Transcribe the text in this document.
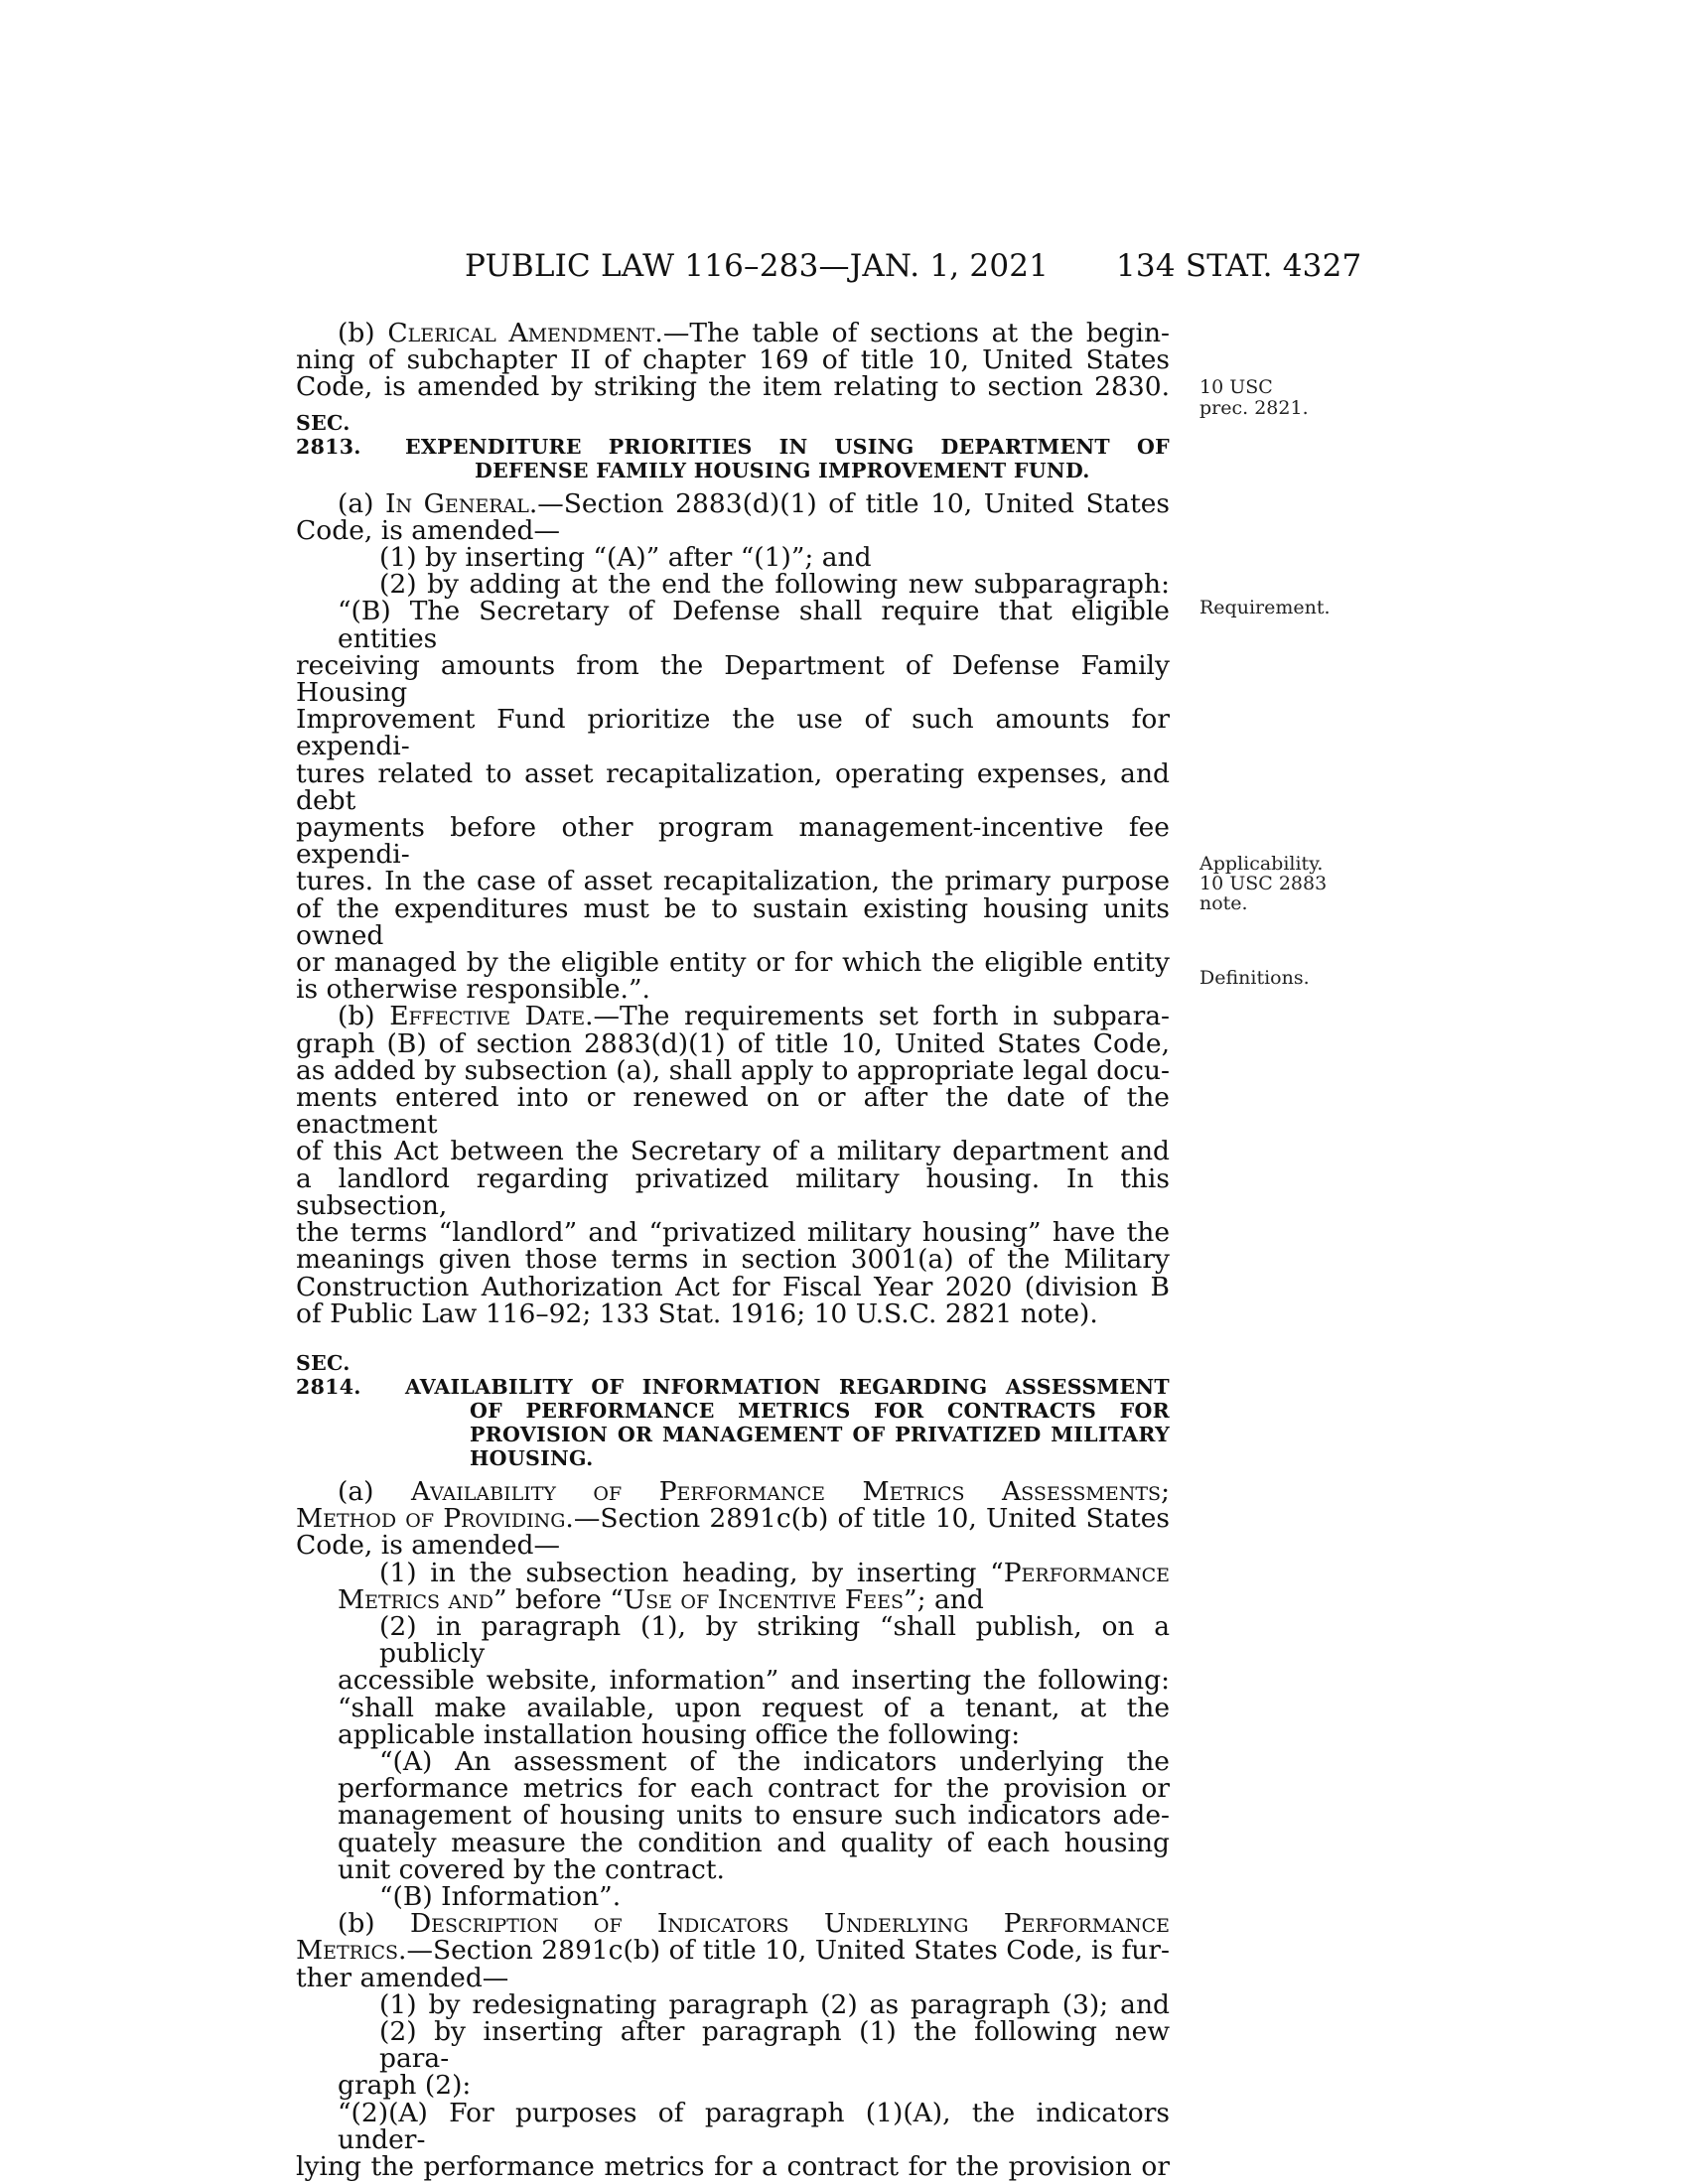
PUBLIC LAW 116–283—JAN. 1, 2021 134 STAT. 4327
10 USC
prec. 2821.
Requirement.
Applicability.
10 USC 2883
note.
Definitions.

(b) Clerical Amendment.—The table of sections at the begin-

ning of subchapter II of chapter 169 of title 10, United States

Code, is amended by striking the item relating to section 2830.

SEC. 2813. EXPENDITURE PRIORITIES IN USING DEPARTMENT OF
DEFENSE FAMILY HOUSING IMPROVEMENT FUND.

(a) In General.—Section 2883(d)(1) of title 10, United States

Code, is amended—

(1) by inserting “(A)” after “(1)”; and

(2) by adding at the end the following new subparagraph:

“(B) The Secretary of Defense shall require that eligible entities

receiving amounts from the Department of Defense Family Housing

Improvement Fund prioritize the use of such amounts for expendi-

tures related to asset recapitalization, operating expenses, and debt

payments before other program management-incentive fee expendi-

tures. In the case of asset recapitalization, the primary purpose

of the expenditures must be to sustain existing housing units owned

or managed by the eligible entity or for which the eligible entity

is otherwise responsible.”.

(b) Effective Date.—The requirements set forth in subpara-

graph (B) of section 2883(d)(1) of title 10, United States Code,

as added by subsection (a), shall apply to appropriate legal docu-

ments entered into or renewed on or after the date of the enactment

of this Act between the Secretary of a military department and

a landlord regarding privatized military housing. In this subsection,

the terms “landlord” and “privatized military housing” have the

meanings given those terms in section 3001(a) of the Military

Construction Authorization Act for Fiscal Year 2020 (division B

of Public Law 116–92; 133 Stat. 1916; 10 U.S.C. 2821 note).

SEC. 2814. AVAILABILITY OF INFORMATION REGARDING ASSESSMENT
OF PERFORMANCE METRICS FOR CONTRACTS FOR
PROVISION OR MANAGEMENT OF PRIVATIZED MILITARY
HOUSING.

(a) Availability of Performance Metrics Assessments;

Method of Providing.—Section 2891c(b) of title 10, United States

Code, is amended—

(1) in the subsection heading, by inserting “Performance

Metrics and” before “Use of Incentive Fees”; and

(2) in paragraph (1), by striking “shall publish, on a publicly

accessible website, information” and inserting the following:

“shall make available, upon request of a tenant, at the

applicable installation housing office the following:

“(A) An assessment of the indicators underlying the

performance metrics for each contract for the provision or

management of housing units to ensure such indicators ade-

quately measure the condition and quality of each housing

unit covered by the contract.

“(B) Information”.

(b) Description of Indicators Underlying Performance

Metrics.—Section 2891c(b) of title 10, United States Code, is fur-

ther amended—

(1) by redesignating paragraph (2) as paragraph (3); and

(2) by inserting after paragraph (1) the following new para-

graph (2):

“(2)(A) For purposes of paragraph (1)(A), the indicators under-

lying the performance metrics for a contract for the provision or
